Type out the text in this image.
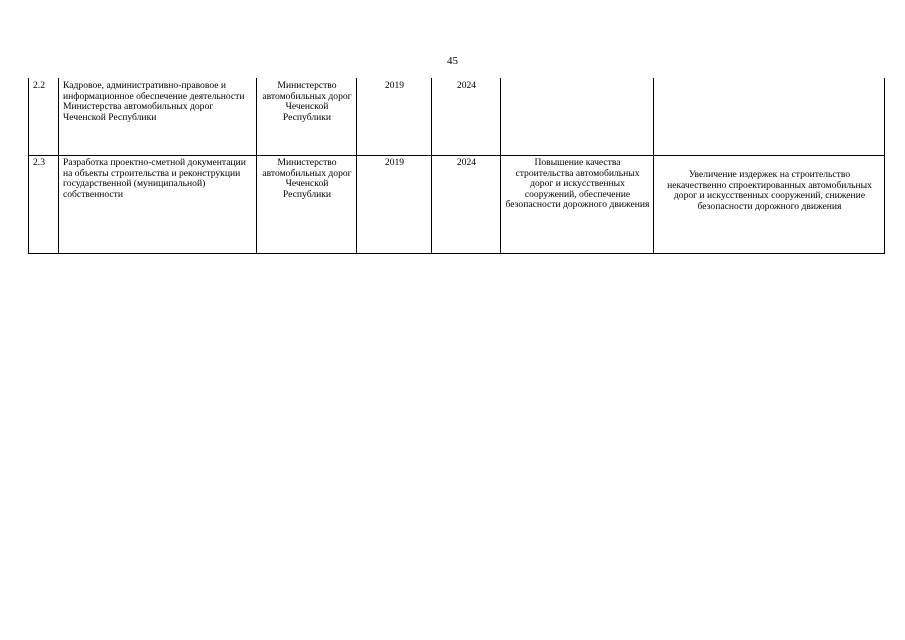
45
2.2	Кадровое, административно-правовое и информационное обеспечение деятельности Министерства автомобильных дорог Чеченской Республики	Министерство автомобильных дорог Чеченской Республики	2019	2024		
2.3	Разработка проектно-сметной документации на объекты строительства и реконструкции государственной (муниципальной) собственности	Министерство автомобильных дорог Чеченской Республики	2019	2024	Повышение качества строительства автомобильных дорог и искусственных сооружений, обеспечение безопасности дорожного движения	Увеличение издержек на строительство некачественно спроектированных автомобильных дорог и искусственных сооружений, снижение безопасности дорожного движения
